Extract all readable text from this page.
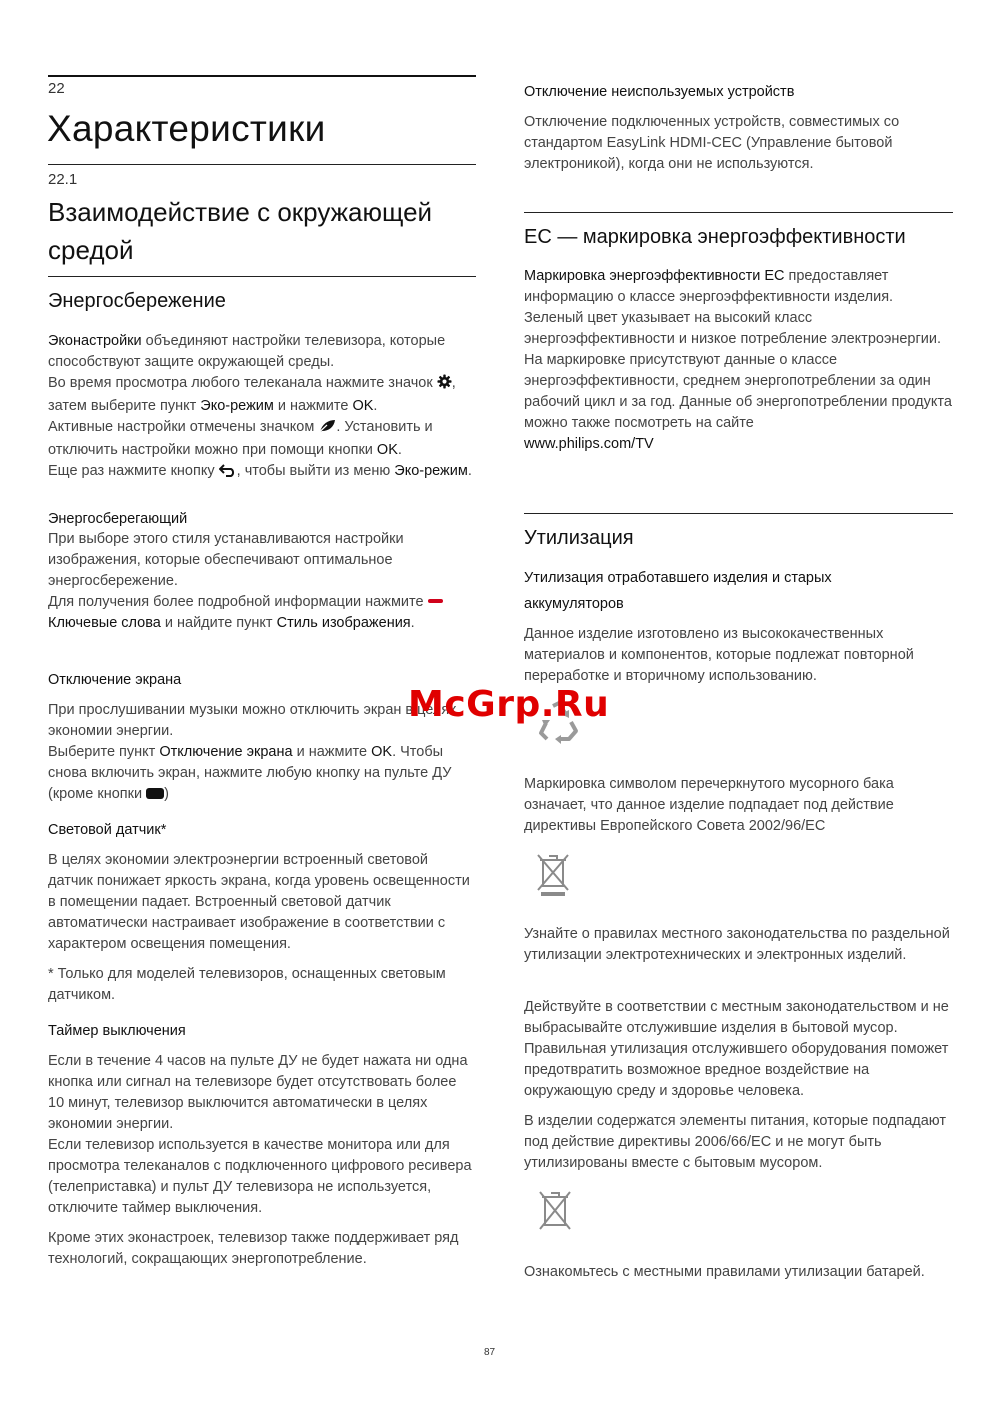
22
Характеристики
22.1
Взаимодействие с окружающей средой
Энергосбережение

Эконастройки объединяют настройки телевизора, которые способствуют защите окружающей среды.
Во время просмотра любого телеканала нажмите значок , затем выберите пункт Эко-режим и нажмите OK.
Активные настройки отмечены значком . Установить и отключить настройки можно при помощи кнопки OK.
Еще раз нажмите кнопку , чтобы выйти из меню Эко-режим.

Энергосберегающий

При выборе этого стиля устанавливаются настройки изображения, которые обеспечивают оптимальное энергосбережение.
Для получения более подробной информации нажмите Ключевые слова и найдите пункт Стиль изображения.

Отключение экрана

При прослушивании музыки можно отключить экран в целях экономии энергии.
Выберите пункт Отключение экрана и нажмите OK. Чтобы снова включить экран, нажмите любую кнопку на пульте ДУ (кроме кнопки )

Световой датчик*

В целях экономии электроэнергии встроенный световой датчик понижает яркость экрана, когда уровень освещенности в помещении падает. Встроенный световой датчик автоматически настраивает изображение в соответствии с характером освещения помещения.

* Только для моделей телевизоров, оснащенных световым датчиком.

Таймер выключения

Если в течение 4 часов на пульте ДУ не будет нажата ни одна кнопка или сигнал на телевизоре будет отсутствовать более 10 минут, телевизор выключится автоматически в целях экономии энергии.
Если телевизор используется в качестве монитора или для просмотра телеканалов с подключенного цифрового ресивера (телеприставка) и пульт ДУ телевизора не используется, отключите таймер выключения.

Кроме этих эконастроек, телевизор также поддерживает ряд технологий, сокращающих энергопотребление.

Отключение неиспользуемых устройств

Отключение подключенных устройств, совместимых со стандартом EasyLink HDMI-CEC (Управление бытовой электроникой), когда они не используются.

ЕС — маркировка энергоэффективности

Маркировка энергоэффективности ЕС предоставляет информацию о классе энергоэффективности изделия. Зеленый цвет указывает на высокий класс энергоэффективности и низкое потребление электроэнергии.
На маркировке присутствуют данные о классе энергоэффективности, среднем энергопотреблении за один рабочий цикл и за год. Данные об энергопотреблении продукта можно также посмотреть на сайте
www.philips.com/TV

Утилизация
Утилизация отработавшего изделия и старых аккумуляторов

Данное изделие изготовлено из высококачественных материалов и компонентов, которые подлежат повторной переработке и вторичному использованию.

Маркировка символом перечеркнутого мусорного бака означает, что данное изделие подпадает под действие директивы Европейского Совета 2002/96/EC

Узнайте о правилах местного законодательства по раздельной утилизации электротехнических и электронных изделий.

Действуйте в соответствии с местным законодательством и не выбрасывайте отслужившие изделия в бытовой мусор. Правильная утилизация отслужившего оборудования поможет предотвратить возможное вредное воздействие на окружающую среду и здоровье человека.

В изделии содержатся элементы питания, которые подпадают под действие директивы 2006/66/EC и не могут быть утилизированы вместе с бытовым мусором.

Ознакомьтесь с местными правилами утилизации батарей.

McGrp.Ru
87
